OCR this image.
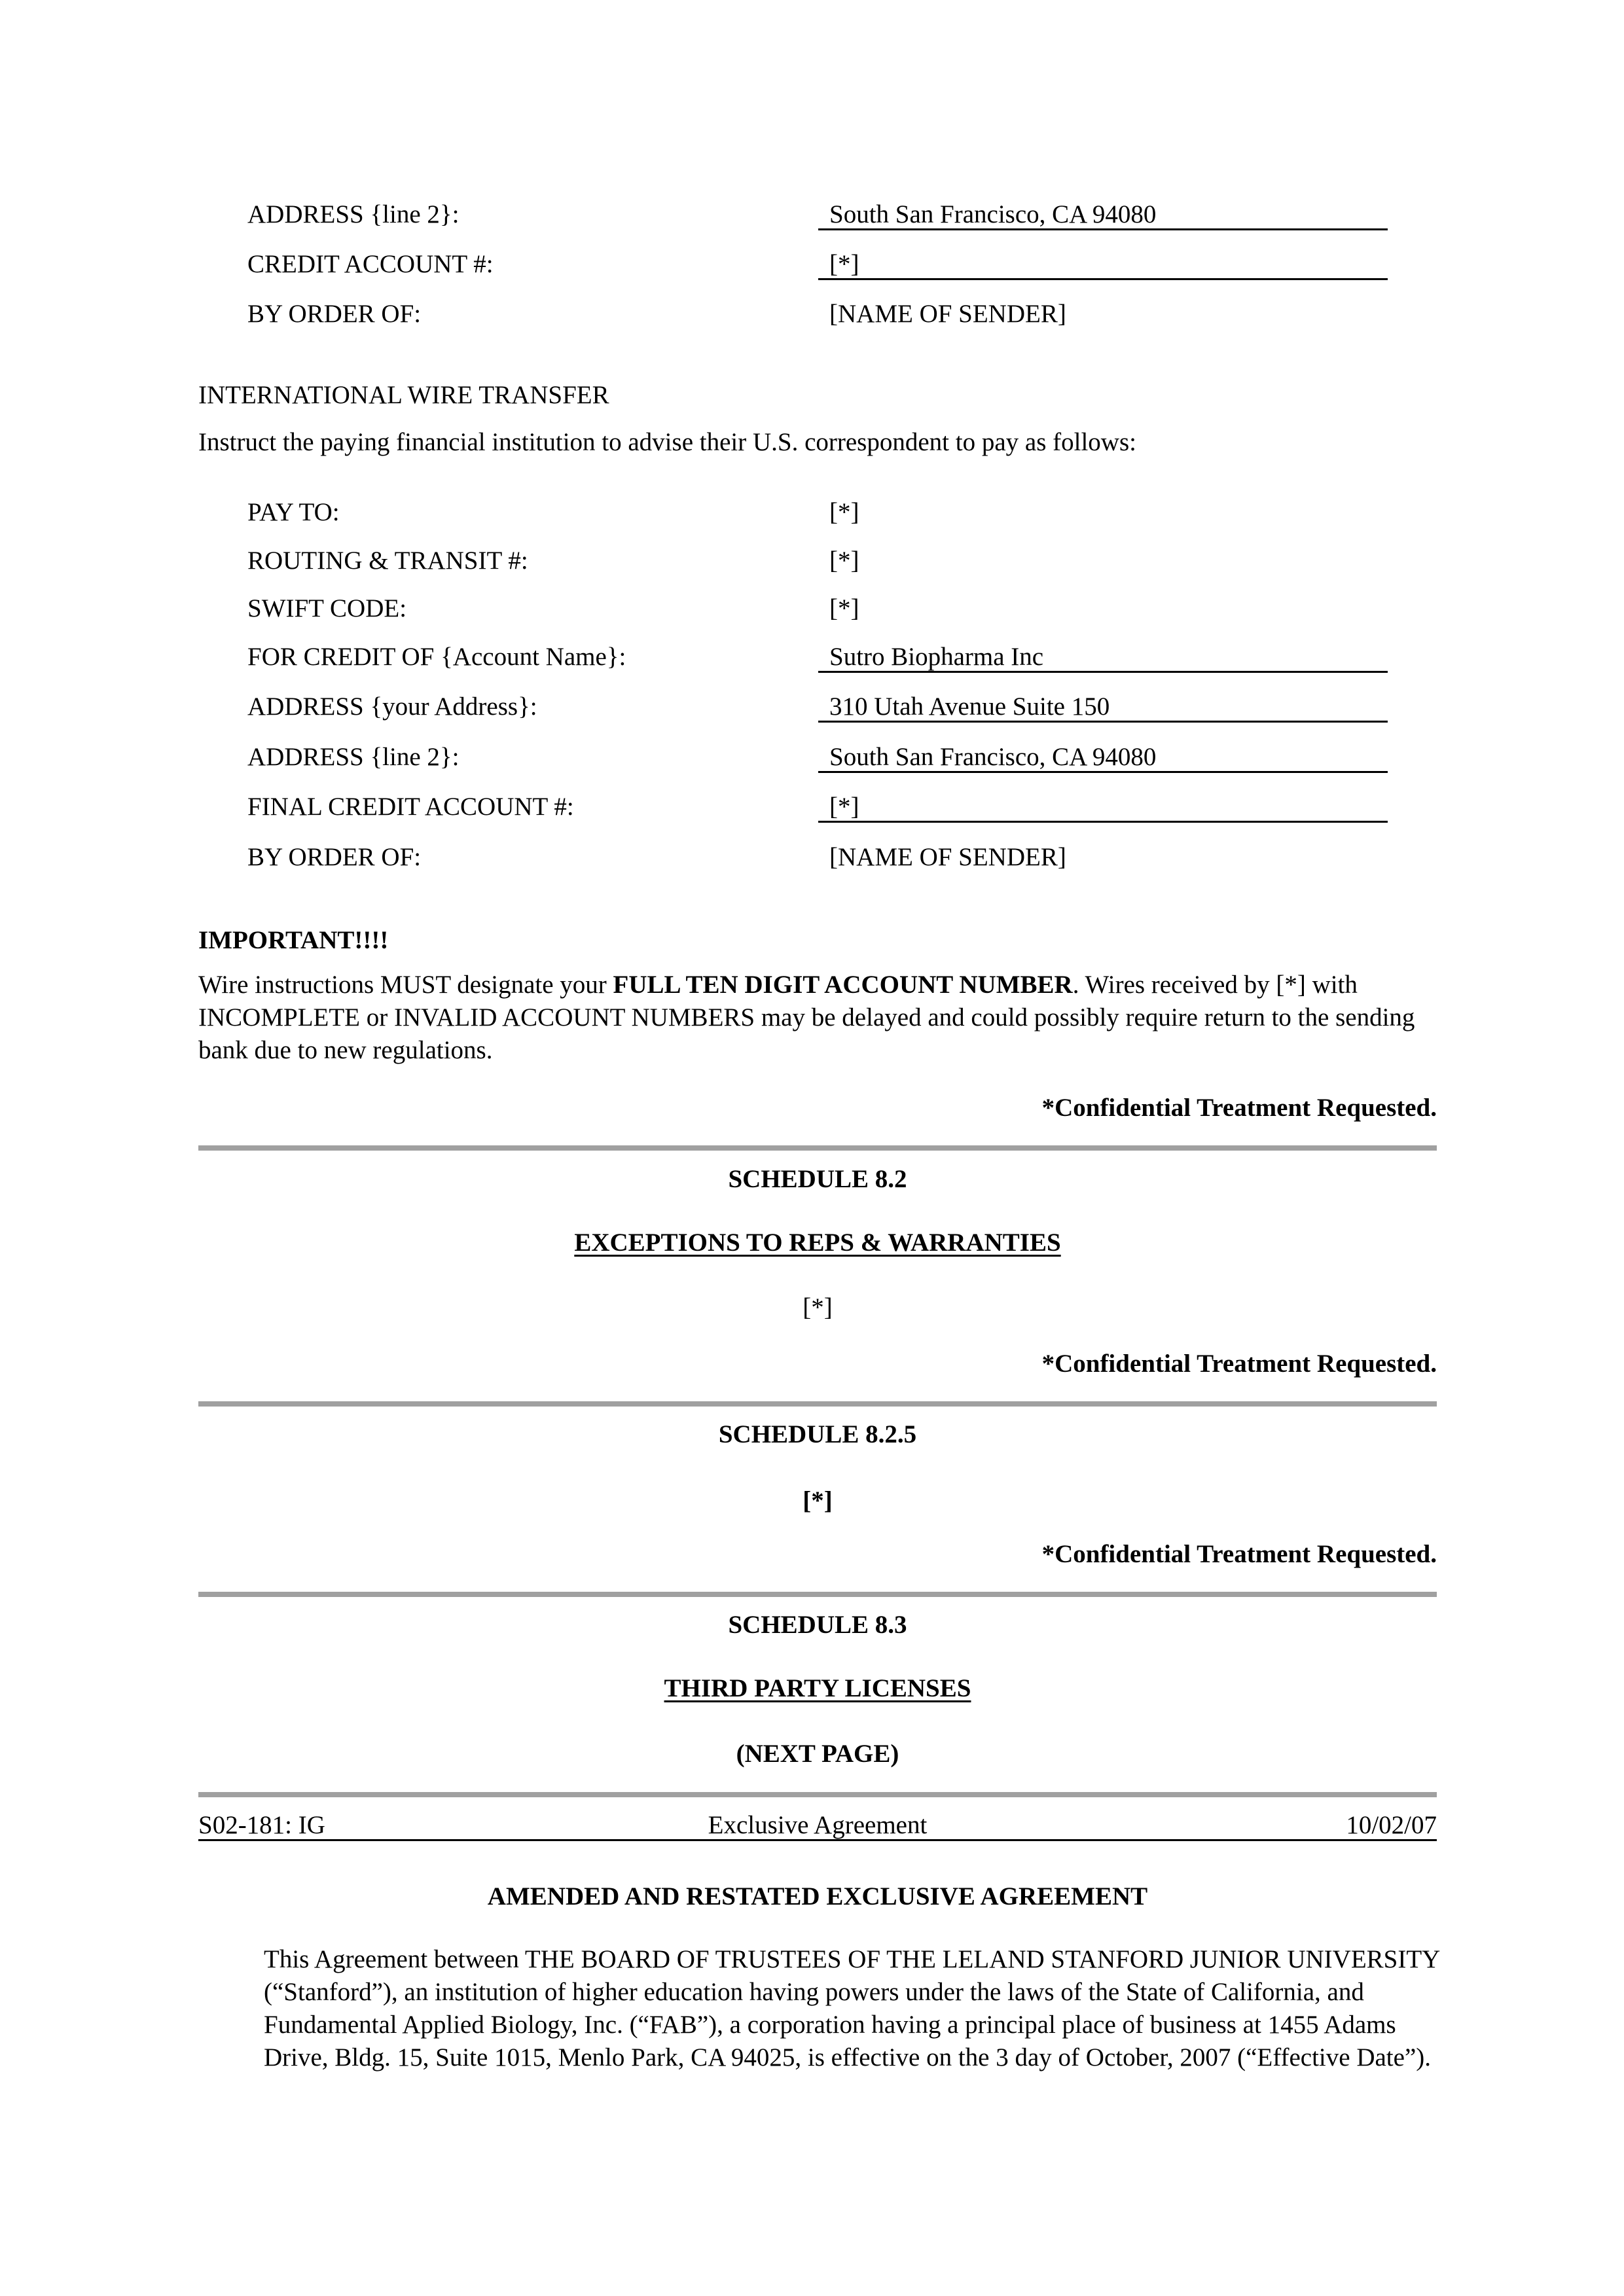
ADDRESS {line 2}:	South San Francisco, CA 94080
CREDIT ACCOUNT #:	[*]
BY ORDER OF:	[NAME OF SENDER]
INTERNATIONAL WIRE TRANSFER
Instruct the paying financial institution to advise their U.S. correspondent to pay as follows:
PAY TO:	[*]
ROUTING & TRANSIT #:	[*]
SWIFT CODE:	[*]
FOR CREDIT OF {Account Name}:	Sutro Biopharma Inc
ADDRESS {your Address}:	310 Utah Avenue Suite 150
ADDRESS {line 2}:	South San Francisco, CA 94080
FINAL CREDIT ACCOUNT #:	[*]
BY ORDER OF:	[NAME OF SENDER]
IMPORTANT!!!!
Wire instructions MUST designate your FULL TEN DIGIT ACCOUNT NUMBER. Wires received by [*] with INCOMPLETE or INVALID ACCOUNT NUMBERS may be delayed and could possibly require return to the sending bank due to new regulations.
*Confidential Treatment Requested.
SCHEDULE 8.2
EXCEPTIONS TO REPS & WARRANTIES
[*]
*Confidential Treatment Requested.
SCHEDULE 8.2.5
[*]
*Confidential Treatment Requested.
SCHEDULE 8.3
THIRD PARTY LICENSES
(NEXT PAGE)
S02-181: IG	Exclusive Agreement	10/02/07
AMENDED AND RESTATED EXCLUSIVE AGREEMENT
This Agreement between THE BOARD OF TRUSTEES OF THE LELAND STANFORD JUNIOR UNIVERSITY (“Stanford”), an institution of higher education having powers under the laws of the State of California, and Fundamental Applied Biology, Inc. (“FAB”), a corporation having a principal place of business at 1455 Adams Drive, Bldg. 15, Suite 1015, Menlo Park, CA 94025, is effective on the 3 day of October, 2007 (“Effective Date”).
